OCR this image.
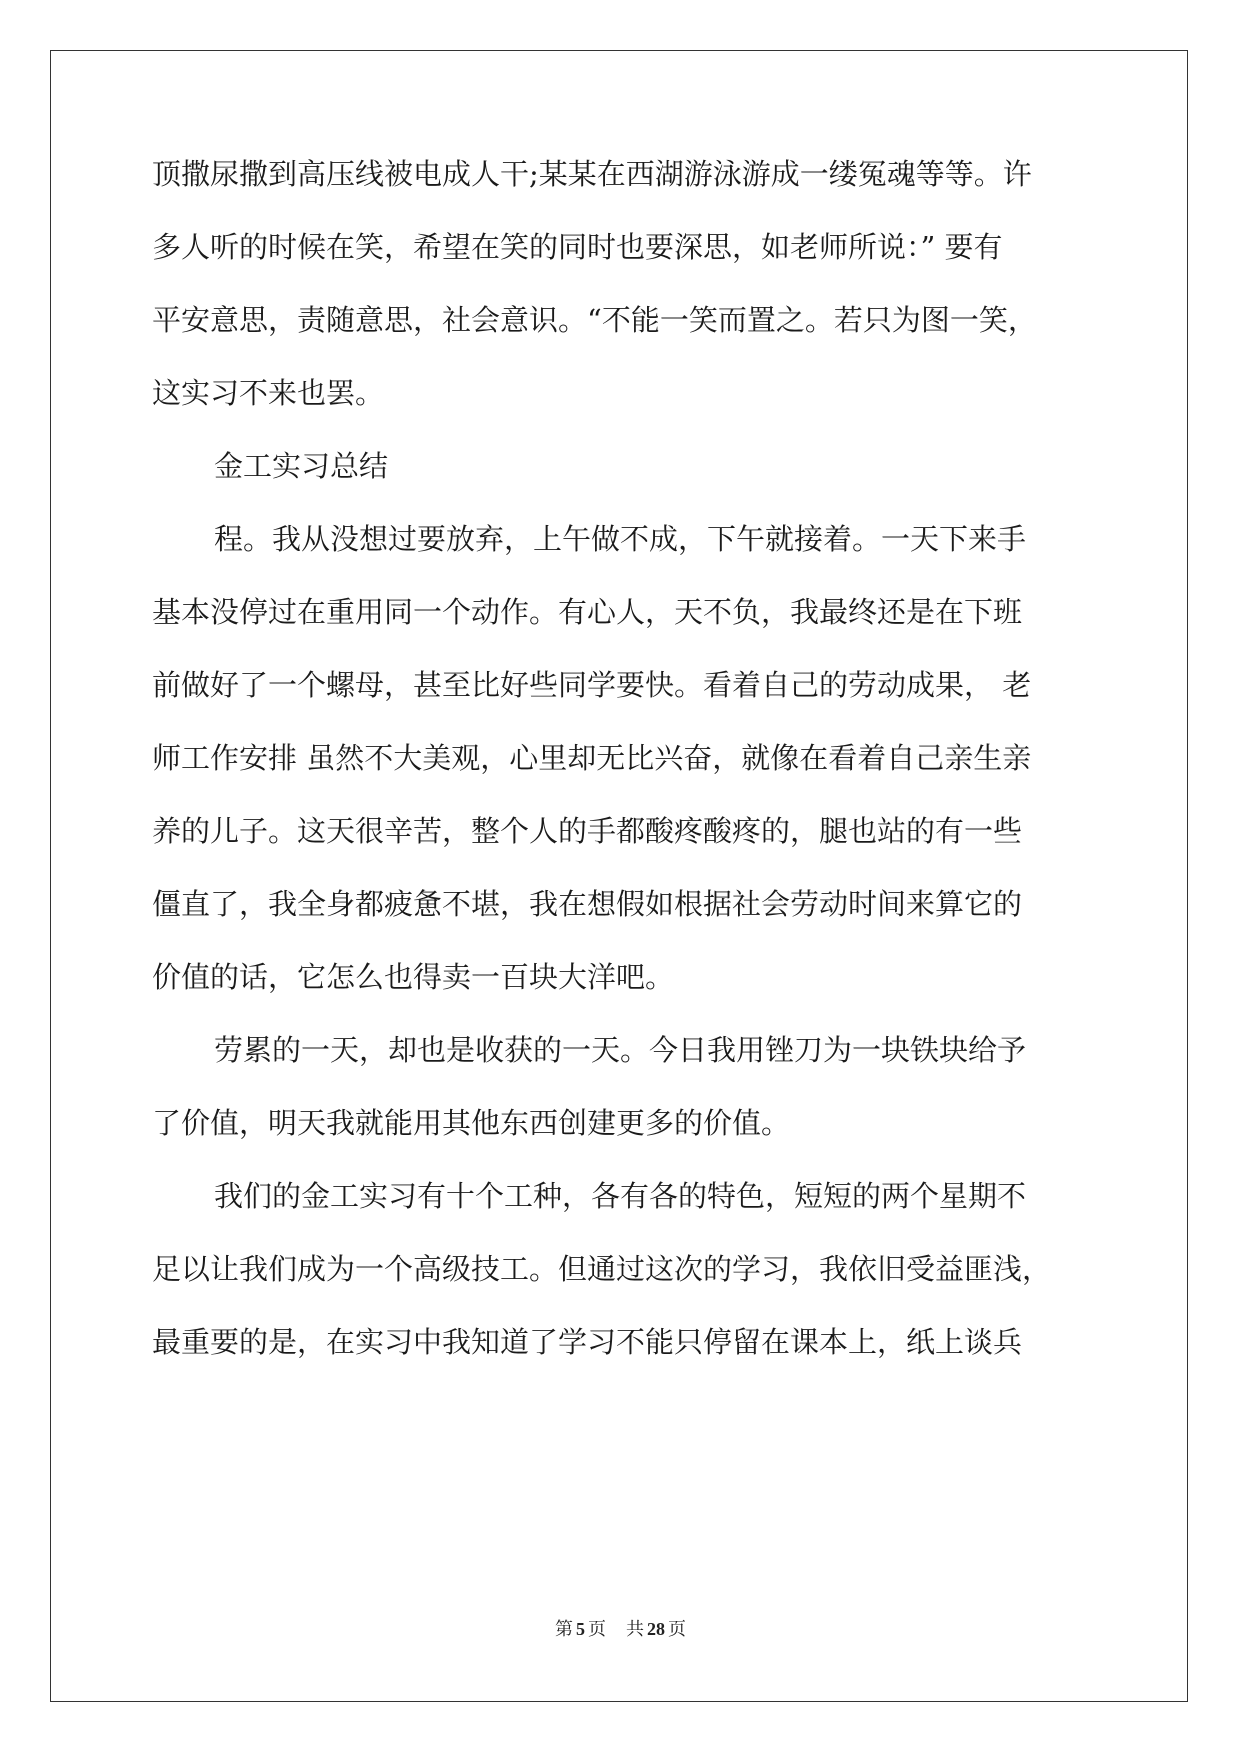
顶撒尿撒到高压线被电成人干;某某在西湖游泳游成一缕冤魂等等。许
多人听的时候在笑，希望在笑的同时也要深思，如老师所说：” 要有
平安意思，责随意思，社会意识。“不能一笑而置之。若只为图一笑，
这实习不来也罢。
金工实习总结
程。我从没想过要放弃，上午做不成，下午就接着。一天下来手
基本没停过在重用同一个动作。有心人，天不负，我最终还是在下班
前做好了一个螺母，甚至比好些同学要快。看着自己的劳动成果， 老
师工作安排 虽然不大美观，心里却无比兴奋，就像在看着自己亲生亲
养的儿子。这天很辛苦，整个人的手都酸疼酸疼的，腿也站的有一些
僵直了，我全身都疲惫不堪，我在想假如根据社会劳动时间来算它的
价值的话，它怎么也得卖一百块大洋吧。
劳累的一天，却也是收获的一天。今日我用锉刀为一块铁块给予
了价值，明天我就能用其他东西创建更多的价值。
我们的金工实习有十个工种，各有各的特色，短短的两个星期不
足以让我们成为一个高级技工。但通过这次的学习，我依旧受益匪浅，
最重要的是，在实习中我知道了学习不能只停留在课本上，纸上谈兵
第 5 页 共 28 页
